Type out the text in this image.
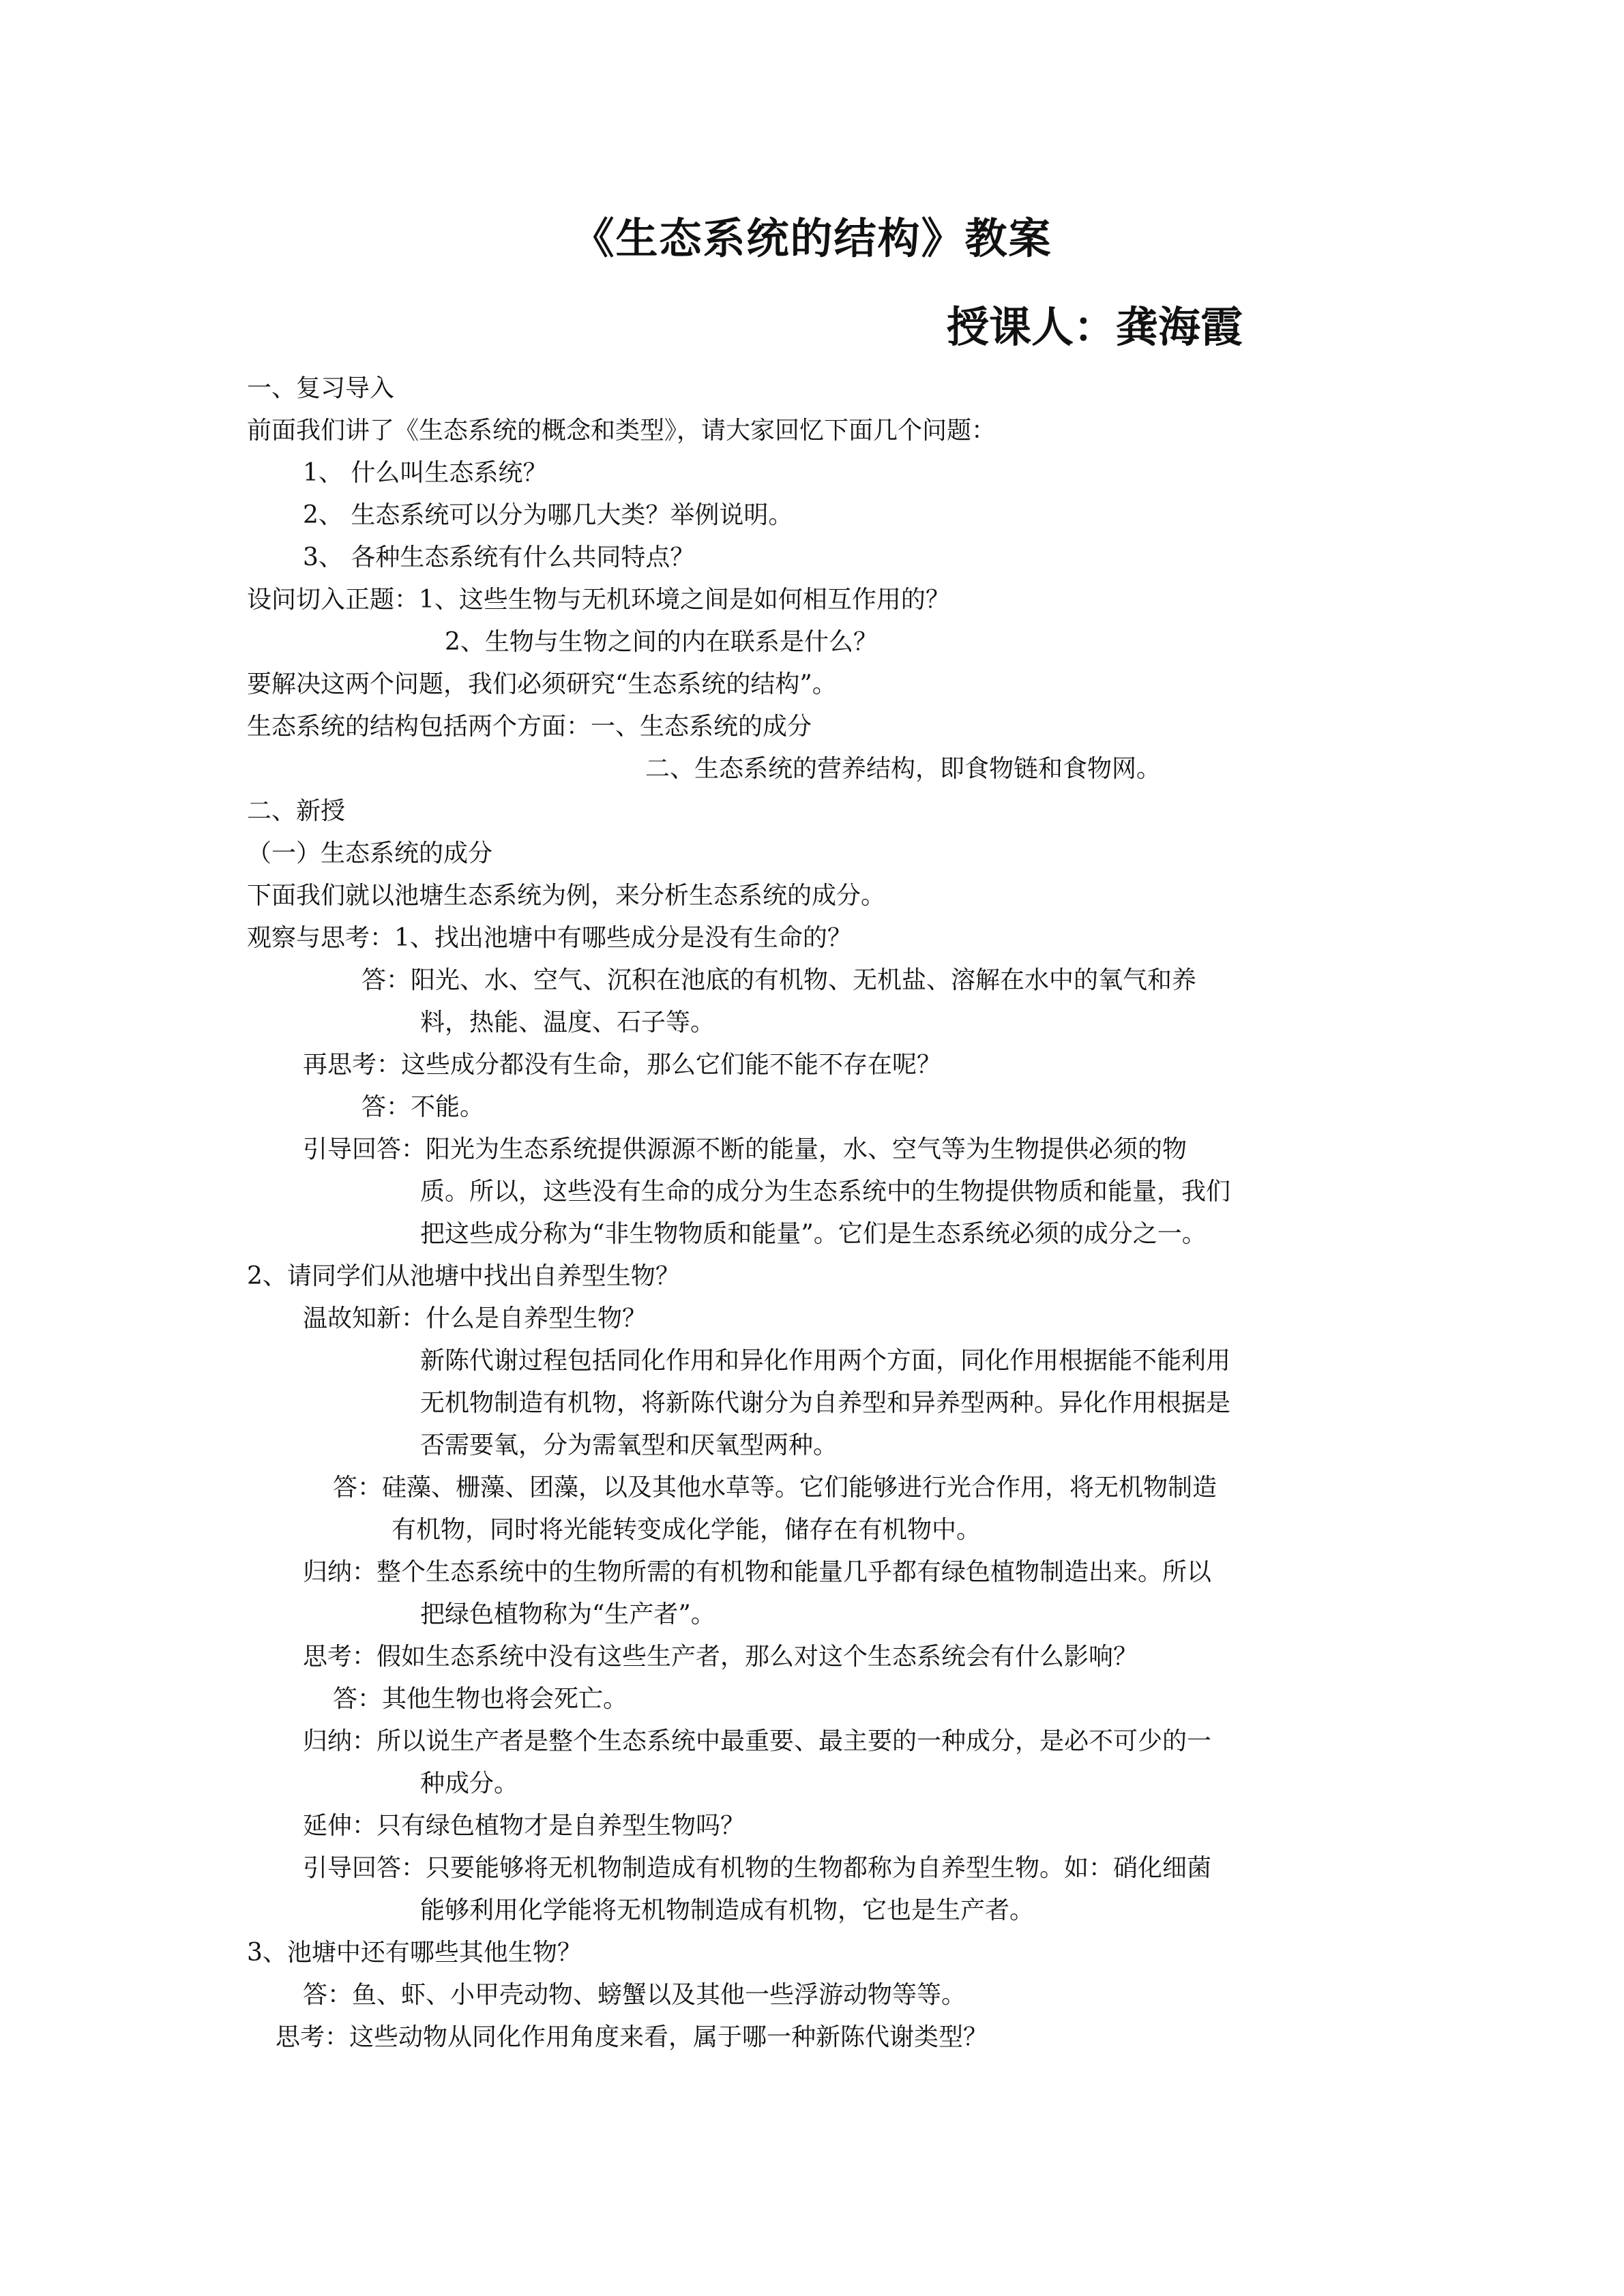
《生态系统的结构》教案
授课人：龚海霞
一、复习导入
前面我们讲了《生态系统的概念和类型》，请大家回忆下面几个问题：
1、 什么叫生态系统？
2、 生态系统可以分为哪几大类？举例说明。
3、 各种生态系统有什么共同特点？
设问切入正题：1、这些生物与无机环境之间是如何相互作用的？
2、生物与生物之间的内在联系是什么？
要解决这两个问题，我们必须研究“生态系统的结构”。
生态系统的结构包括两个方面：一、生态系统的成分
二、生态系统的营养结构，即食物链和食物网。
二、新授
（一）生态系统的成分
下面我们就以池塘生态系统为例，来分析生态系统的成分。
观察与思考：1、找出池塘中有哪些成分是没有生命的？
答：阳光、水、空气、沉积在池底的有机物、无机盐、溶解在水中的氧气和养
料，热能、温度、石子等。
再思考：这些成分都没有生命，那么它们能不能不存在呢？
答：不能。
引导回答：阳光为生态系统提供源源不断的能量，水、空气等为生物提供必须的物
质。所以，这些没有生命的成分为生态系统中的生物提供物质和能量，我们
把这些成分称为“非生物物质和能量”。它们是生态系统必须的成分之一。
2、请同学们从池塘中找出自养型生物？
温故知新：什么是自养型生物？
新陈代谢过程包括同化作用和异化作用两个方面，同化作用根据能不能利用
无机物制造有机物，将新陈代谢分为自养型和异养型两种。异化作用根据是
否需要氧，分为需氧型和厌氧型两种。
答：硅藻、栅藻、团藻，以及其他水草等。它们能够进行光合作用，将无机物制造
有机物，同时将光能转变成化学能，储存在有机物中。
归纳：整个生态系统中的生物所需的有机物和能量几乎都有绿色植物制造出来。所以
把绿色植物称为“生产者”。
思考：假如生态系统中没有这些生产者，那么对这个生态系统会有什么影响？
答：其他生物也将会死亡。
归纳：所以说生产者是整个生态系统中最重要、最主要的一种成分，是必不可少的一
种成分。
延伸：只有绿色植物才是自养型生物吗？
引导回答：只要能够将无机物制造成有机物的生物都称为自养型生物。如：硝化细菌
能够利用化学能将无机物制造成有机物，它也是生产者。
3、池塘中还有哪些其他生物？
答：鱼、虾、小甲壳动物、螃蟹以及其他一些浮游动物等等。
思考：这些动物从同化作用角度来看，属于哪一种新陈代谢类型？
